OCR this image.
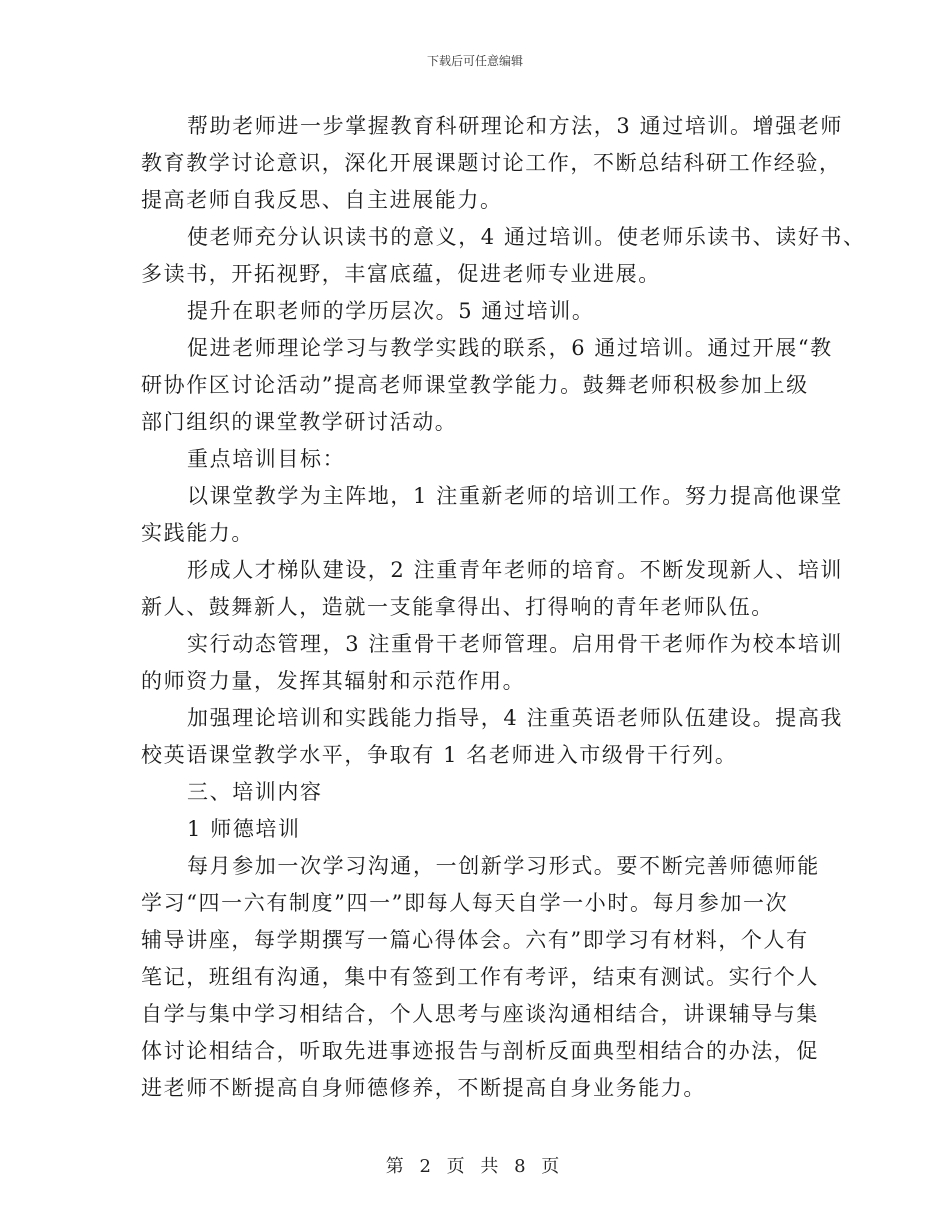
下载后可任意编辑
帮助老师进一步掌握教育科研理论和方法，3 通过培训。增强老师
教育教学讨论意识，深化开展课题讨论工作，不断总结科研工作经验，
提高老师自我反思、自主进展能力。
使老师充分认识读书的意义，4 通过培训。使老师乐读书、读好书、
多读书，开拓视野，丰富底蕴，促进老师专业进展。
提升在职老师的学历层次。5 通过培训。
促进老师理论学习与教学实践的联系，6 通过培训。通过开展“教
研协作区讨论活动”提高老师课堂教学能力。鼓舞老师积极参加上级
部门组织的课堂教学研讨活动。
重点培训目标：
以课堂教学为主阵地，1 注重新老师的培训工作。努力提高他课堂
实践能力。
形成人才梯队建设，2 注重青年老师的培育。不断发现新人、培训
新人、鼓舞新人，造就一支能拿得出、打得响的青年老师队伍。
实行动态管理，3 注重骨干老师管理。启用骨干老师作为校本培训
的师资力量，发挥其辐射和示范作用。
加强理论培训和实践能力指导，4 注重英语老师队伍建设。提高我
校英语课堂教学水平，争取有 1 名老师进入市级骨干行列。
三、培训内容
1 师德培训
每月参加一次学习沟通，一创新学习形式。要不断完善师德师能
学习“四一六有制度”四一”即每人每天自学一小时。每月参加一次
辅导讲座，每学期撰写一篇心得体会。六有”即学习有材料，个人有
笔记，班组有沟通，集中有签到工作有考评，结束有测试。实行个人
自学与集中学习相结合，个人思考与座谈沟通相结合，讲课辅导与集
体讨论相结合，听取先进事迹报告与剖析反面典型相结合的办法，促
进老师不断提高自身师德修养，不断提高自身业务能力。
第 2 页 共 8 页
